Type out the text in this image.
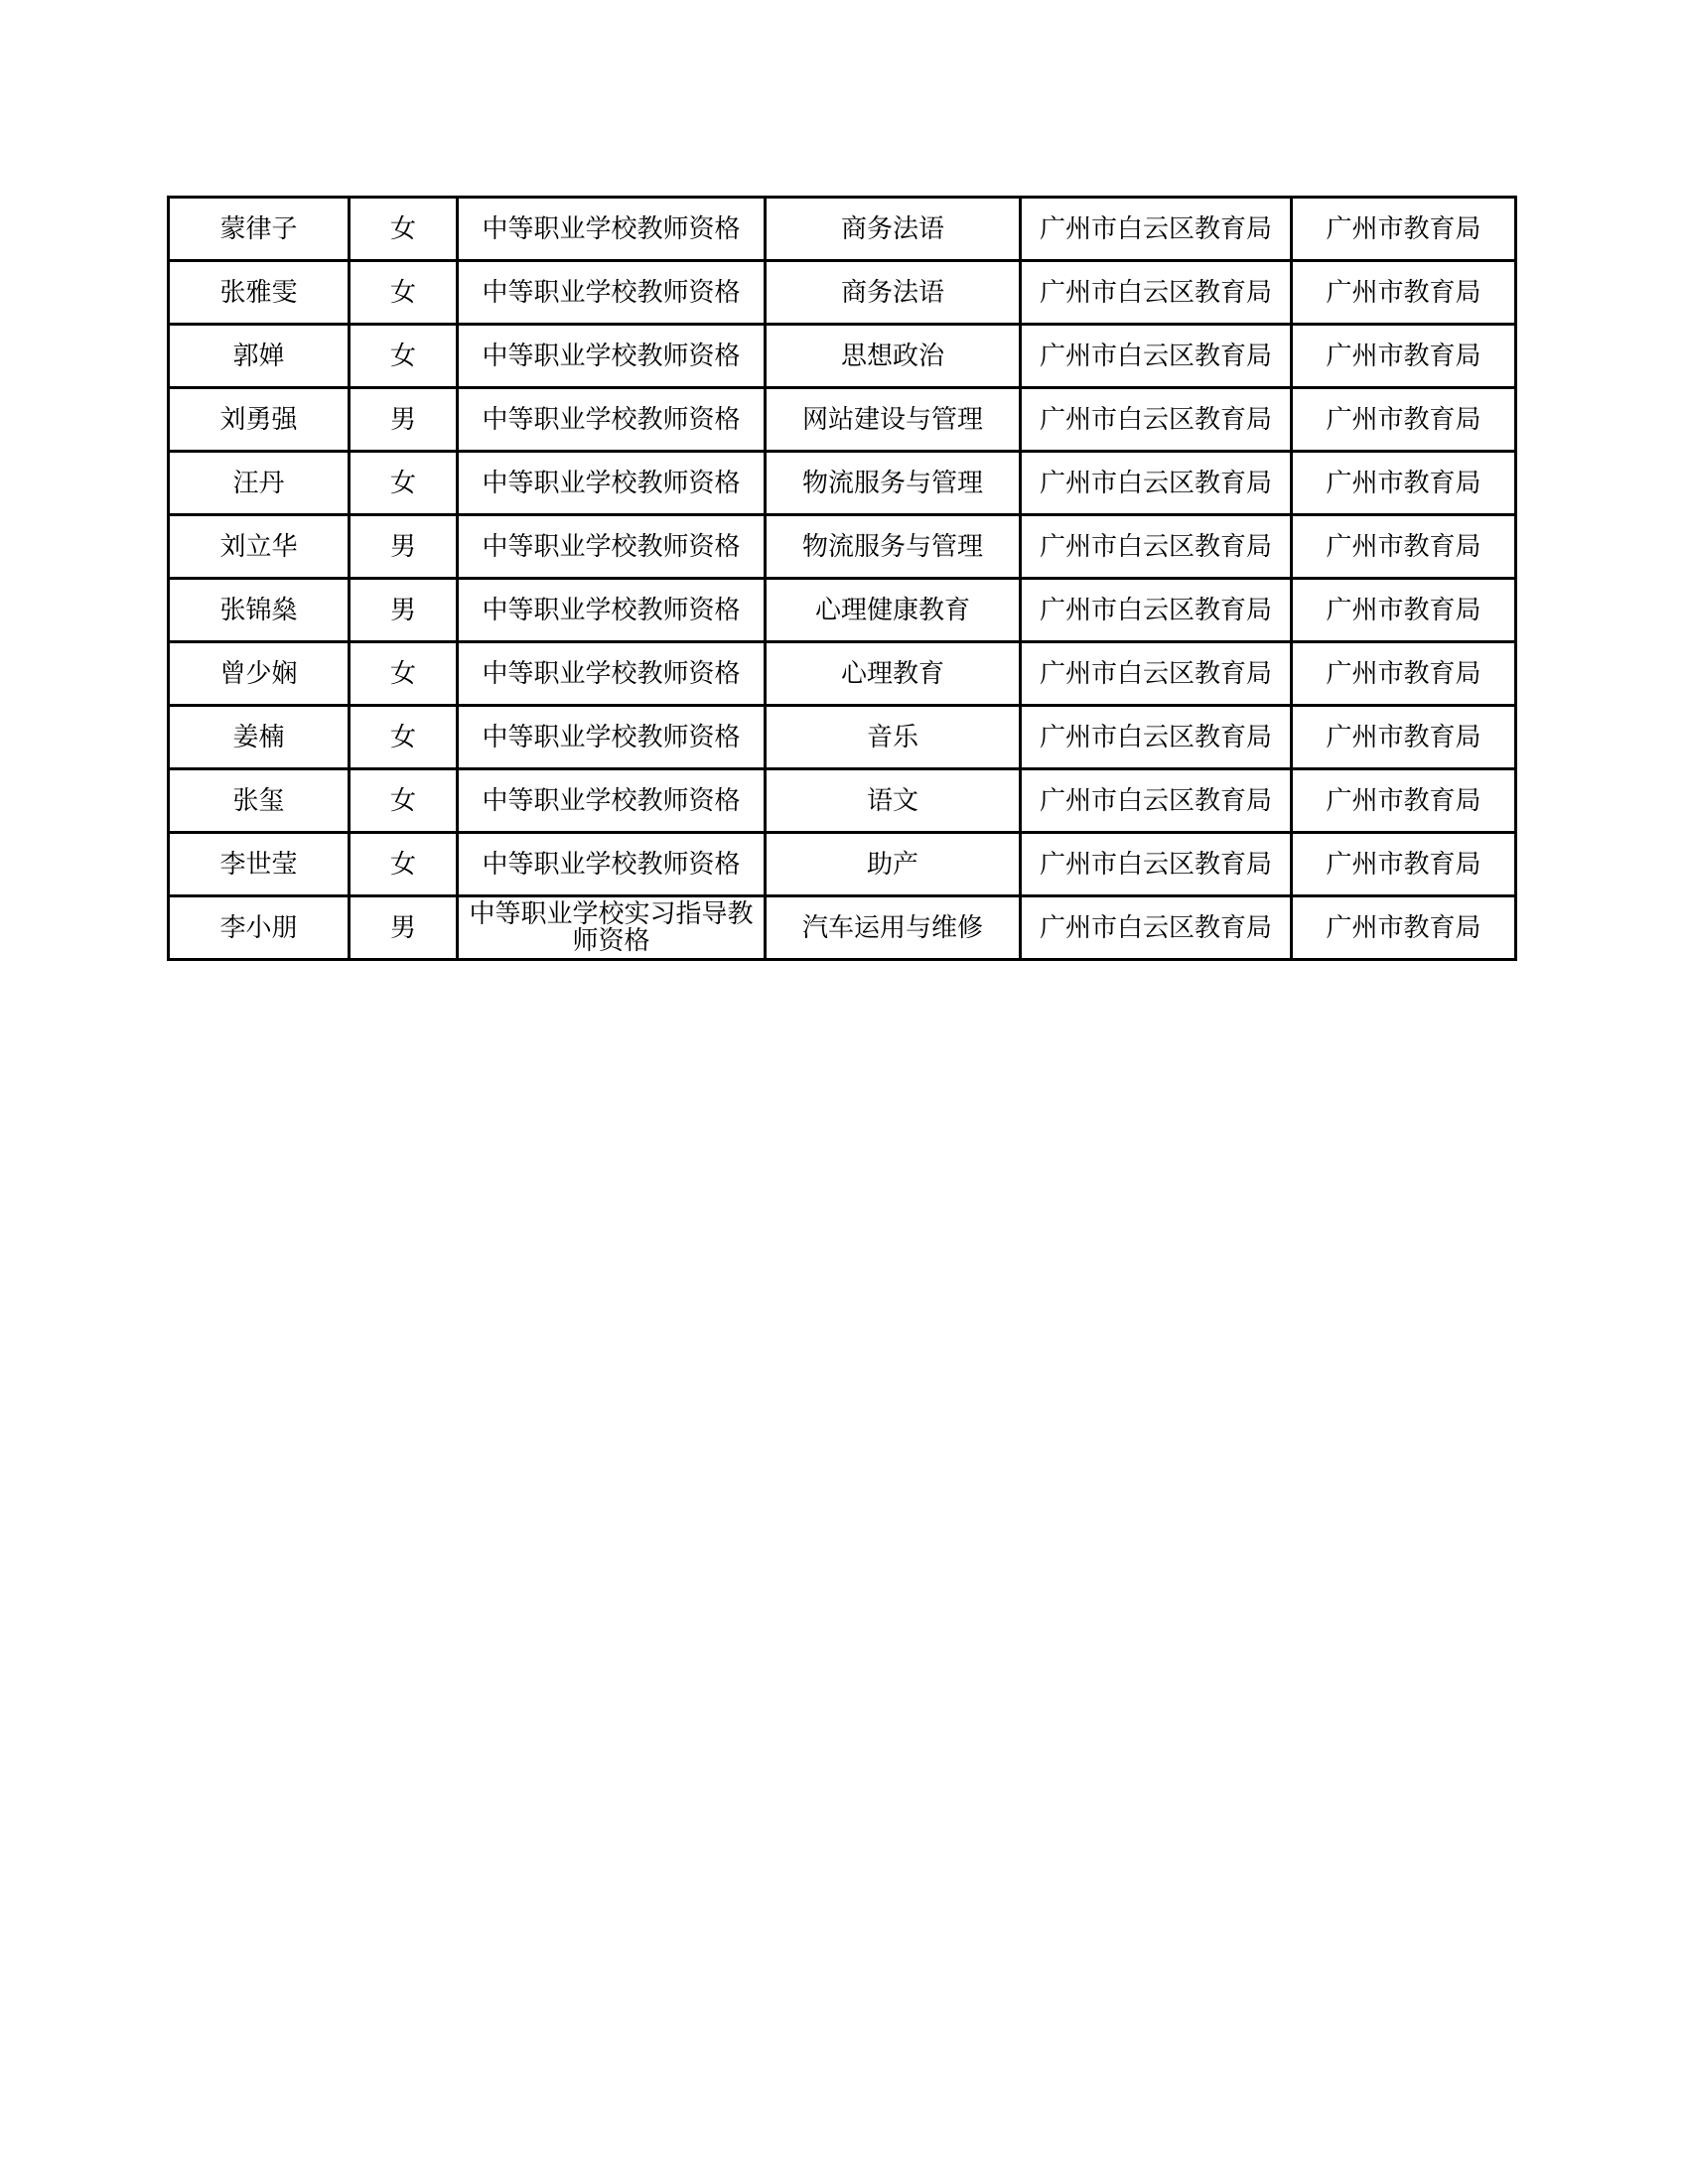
蒙律子	女	中等职业学校教师资格	商务法语	广州市白云区教育局	广州市教育局
张雅雯	女	中等职业学校教师资格	商务法语	广州市白云区教育局	广州市教育局
郭婵	女	中等职业学校教师资格	思想政治	广州市白云区教育局	广州市教育局
刘勇强	男	中等职业学校教师资格	网站建设与管理	广州市白云区教育局	广州市教育局
汪丹	女	中等职业学校教师资格	物流服务与管理	广州市白云区教育局	广州市教育局
刘立华	男	中等职业学校教师资格	物流服务与管理	广州市白云区教育局	广州市教育局
张锦燊	男	中等职业学校教师资格	心理健康教育	广州市白云区教育局	广州市教育局
曾少娴	女	中等职业学校教师资格	心理教育	广州市白云区教育局	广州市教育局
姜楠	女	中等职业学校教师资格	音乐	广州市白云区教育局	广州市教育局
张玺	女	中等职业学校教师资格	语文	广州市白云区教育局	广州市教育局
李世莹	女	中等职业学校教师资格	助产	广州市白云区教育局	广州市教育局
李小朋	男	中等职业学校实习指导教师资格	汽车运用与维修	广州市白云区教育局	广州市教育局
